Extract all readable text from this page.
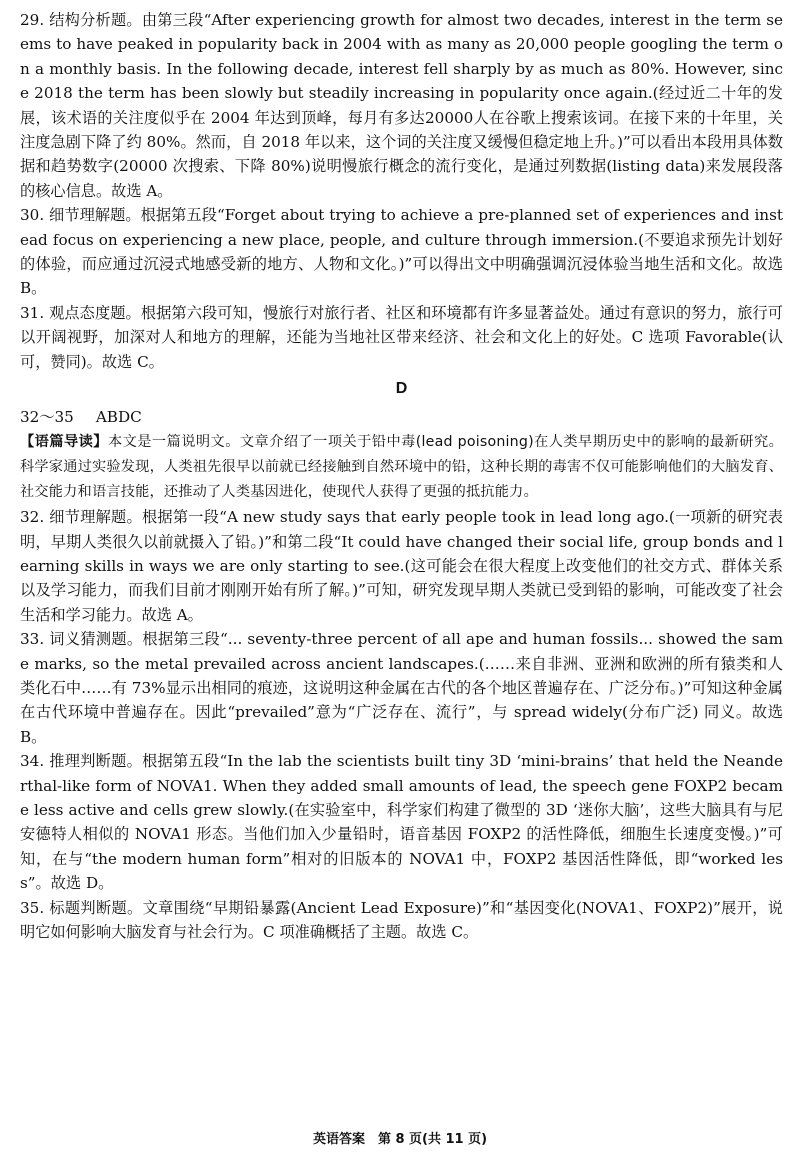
29. 结构分析题。由第三段“After experiencing growth for almost two decades, interest in the term seems to have peaked in popularity back in 2004 with as many as 20,000 people googling the term on a monthly basis. In the following decade, interest fell sharply by as much as 80%. However, since 2018 the term has been slowly but steadily increasing in popularity once again.(经过近二十年的发展，该术语的关注度似乎在 2004 年达到顶峰，每月有多达20000人在谷歌上搜索该词。在接下来的十年里，关注度急剧下降了约 80%。然而，自 2018 年以来，这个词的关注度又缓慢但稳定地上升。)”可以看出本段用具体数据和趋势数字(20000 次搜索、下降 80%)说明慢旅行概念的流行变化，是通过列数据(listing data)来发展段落的核心信息。故选 A。

30. 细节理解题。根据第五段“Forget about trying to achieve a pre-planned set of experiences and instead focus on experiencing a new place, people, and culture through immersion.(不要追求预先计划好的体验，而应通过沉浸式地感受新的地方、人物和文化。)”可以得出文中明确强调沉浸体验当地生活和文化。故选 B。

31. 观点态度题。根据第六段可知，慢旅行对旅行者、社区和环境都有许多显著益处。通过有意识的努力，旅行可以开阔视野，加深对人和地方的理解，还能为当地社区带来经济、社会和文化上的好处。C 选项 Favorable(认可，赞同)。故选 C。

D
32～35 ABDC

【语篇导读】本文是一篇说明文。文章介绍了一项关于铅中毒(lead poisoning)在人类早期历史中的影响的最新研究。科学家通过实验发现，人类祖先很早以前就已经接触到自然环境中的铅，这种长期的毒害不仅可能影响他们的大脑发育、社交能力和语言技能，还推动了人类基因进化，使现代人获得了更强的抵抗能力。

32. 细节理解题。根据第一段“A new study says that early people took in lead long ago.(一项新的研究表明，早期人类很久以前就摄入了铅。)”和第二段“It could have changed their social life, group bonds and learning skills in ways we are only starting to see.(这可能会在很大程度上改变他们的社交方式、群体关系以及学习能力，而我们目前才刚刚开始有所了解。)”可知，研究发现早期人类就已受到铅的影响，可能改变了社会生活和学习能力。故选 A。

33. 词义猜测题。根据第三段“... seventy-three percent of all ape and human fossils... showed the same marks, so the metal prevailed across ancient landscapes.(……来自非洲、亚洲和欧洲的所有猿类和人类化石中……有 73%显示出相同的痕迹，这说明这种金属在古代的各个地区普遍存在、广泛分布。)”可知这种金属在古代环境中普遍存在。因此“prevailed”意为“广泛存在、流行”，与 spread widely(分布广泛) 同义。故选 B。

34. 推理判断题。根据第五段“In the lab the scientists built tiny 3D ‘mini-brains’ that held the Neanderthal-like form of NOVA1. When they added small amounts of lead, the speech gene FOXP2 became less active and cells grew slowly.(在实验室中，科学家们构建了微型的 3D ‘迷你大脑’，这些大脑具有与尼安德特人相似的 NOVA1 形态。当他们加入少量铅时，语音基因 FOXP2 的活性降低，细胞生长速度变慢。)”可知，在与“the modern human form”相对的旧版本的 NOVA1 中，FOXP2 基因活性降低，即“worked less”。故选 D。

35. 标题判断题。文章围绕“早期铅暴露(Ancient Lead Exposure)”和“基因变化(NOVA1、FOXP2)”展开，说明它如何影响大脑发育与社会行为。C 项准确概括了主题。故选 C。

英语答案　第 8 页(共 11 页)
